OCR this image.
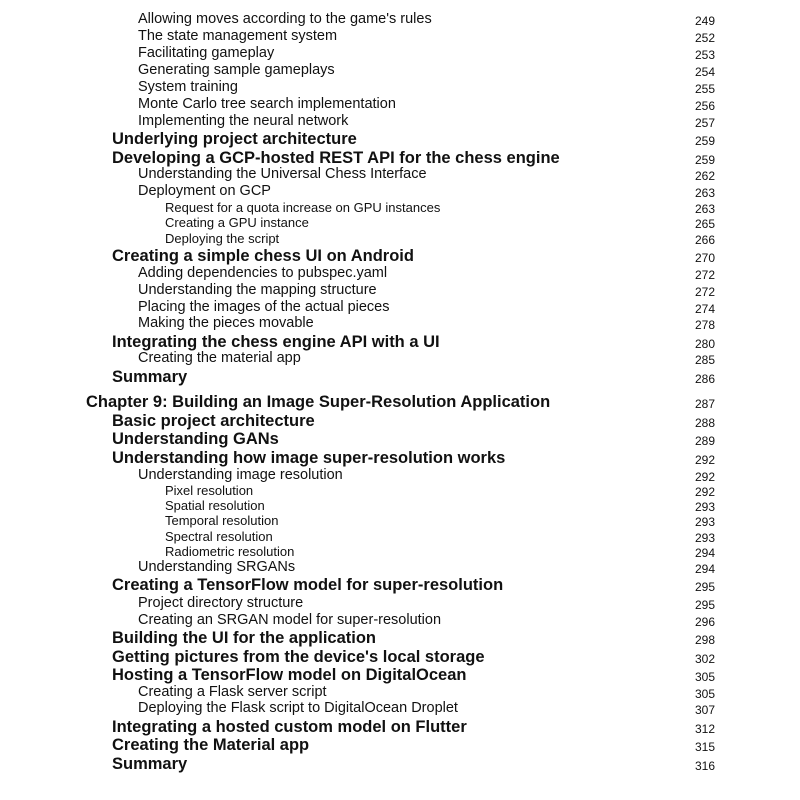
Allowing moves according to the game's rules	249
The state management system	252
Facilitating gameplay	253
Generating sample gameplays	254
System training	255
Monte Carlo tree search implementation	256
Implementing the neural network	257
Underlying project architecture	259
Developing a GCP-hosted REST API for the chess engine	259
Understanding the Universal Chess Interface	262
Deployment on GCP	263
Request for a quota increase on GPU instances	263
Creating a GPU instance	265
Deploying the script	266
Creating a simple chess UI on Android	270
Adding dependencies to pubspec.yaml	272
Understanding the mapping structure	272
Placing the images of the actual pieces	274
Making the pieces movable	278
Integrating the chess engine API with a UI	280
Creating the material app	285
Summary	286
Chapter 9: Building an Image Super-Resolution Application	287
Basic project architecture	288
Understanding GANs	289
Understanding how image super-resolution works	292
Understanding image resolution	292
Pixel resolution	292
Spatial resolution	293
Temporal resolution	293
Spectral resolution	293
Radiometric resolution	294
Understanding SRGANs	294
Creating a TensorFlow model for super-resolution	295
Project directory structure	295
Creating an SRGAN model for super-resolution	296
Building the UI for the application	298
Getting pictures from the device's local storage	302
Hosting a TensorFlow model on DigitalOcean	305
Creating a Flask server script	305
Deploying the Flask script to DigitalOcean Droplet	307
Integrating a hosted custom model on Flutter	312
Creating the Material app	315
Summary	316
